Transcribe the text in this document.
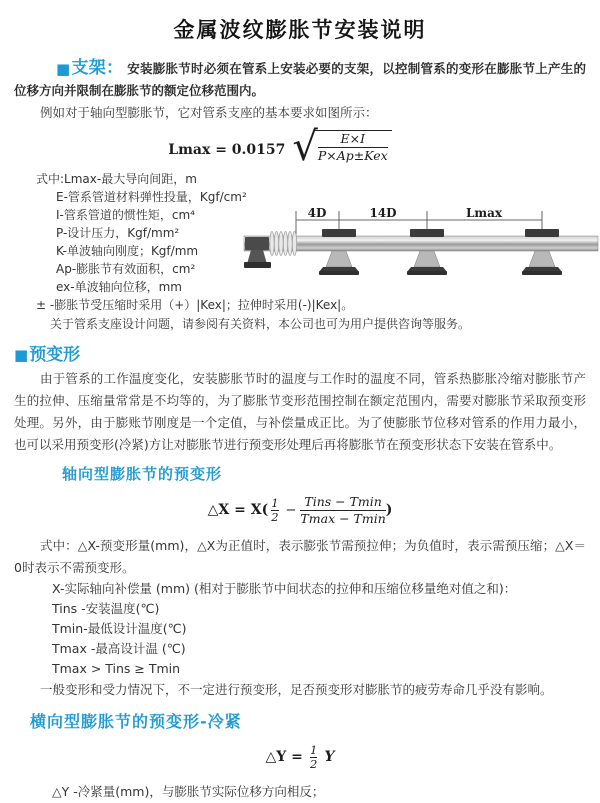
金属波纹膨胀节安装说明

■支架： 安装膨胀节时必须在管系上安装必要的支架，以控制管系的变形在膨胀节上产生的位移方向并限制在膨胀节的额定位移范围内。

例如对于轴向型膨胀节，它对管系支座的基本要求如图所示：

Lmax = 0.0157 √
$\frac{E\times I}{\text{P×Ap±Kex}}$

式中:Lmax-最大导向间距，m

E-管系管道材料弹性投量，Kgf/cm²

I-管系管道的惯性矩，cm⁴

P-设计压力，Kgf/mm²

K-单波轴向刚度；Kgf/mm

Ap-膨胀节有效面积，cm²

ex-单波轴向位移，mm

± -膨胀节受压缩时采用（+）|Kex|；拉伸时采用(-)|Kex|。

关于管系支座设计问题，请参阅有关资料，本公司也可为用户提供咨询等服务。

4D	14D	Lmax
■预变形

由于管系的工作温度变化，安装膨胀节时的温度与工作时的温度不同，管系热膨胀冷缩对膨胀节产生的拉伸、压缩量常常是不均等的，为了膨胀节变形范围控制在额定范围内，需要对膨胀节采取预变形处理。另外，由于膨账节刚度是一个定值，与补偿量成正比。为了使膨胀节位移对管系的作用力最小，也可以采用预变形(冷紧)方让对膨胀节进行预变形处理后再将膨胀节在预变形状态下安装在管系中。

轴向型膨胀节的预变形
△X = $X( \frac{1}{2} - \frac{\text{Tins − Tmin}}{Tmax - Tmin}$ )

式中：△X-预变形量(mm)，△X为正值时，表示膨张节需预拉伸；为负值时，表示需预压缩；△X＝0时表示不需预变形。

X-实际轴向补偿量 (mm) (相对于膨胀节中间状态的拉伸和压缩位移量绝对值之和)：

Tins -安装温度(℃)

Tmin-最低设计温度(℃)

Tmax -最高设计温 (℃)

Tmax > Tins ≥ Tmin

一般变形和受力情况下，不一定进行预变形，足否预变形对膨胀节的疲劳寿命几乎没有影响。

横向型膨胀节的预变形-冷紧
△Y = $\frac{1}{2}$ Y

△Y -冷紧量(mm)，与膨胀节实际位移方向相反；
